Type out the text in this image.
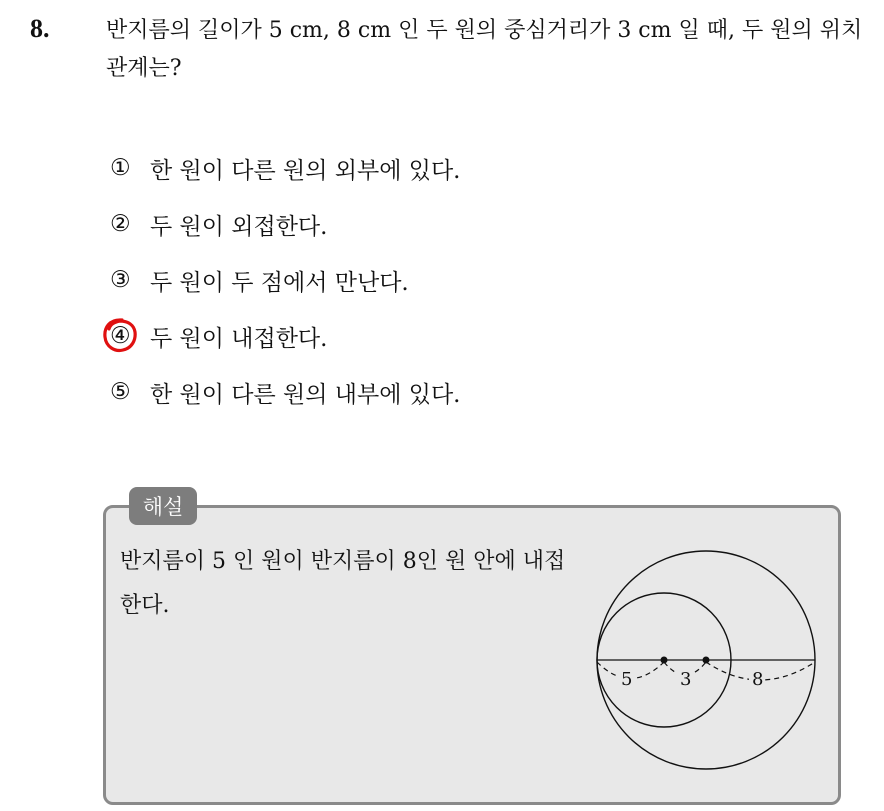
8.	반지름의 길이가 5 cm, 8 cm 인 두 원의 중심거리가 3 cm 일 때, 두 원의 위치관계는?

① 한 원이 다른 원의 외부에 있다.
② 두 원이 외접한다.
③ 두 원이 두 점에서 만난다.
④ 두 원이 내접한다.
⑤ 한 원이 다른 원의 내부에 있다.
해설

반지름이 5 인 원이 반지름이 8인 원 안에 내접한다.

5	3	8
